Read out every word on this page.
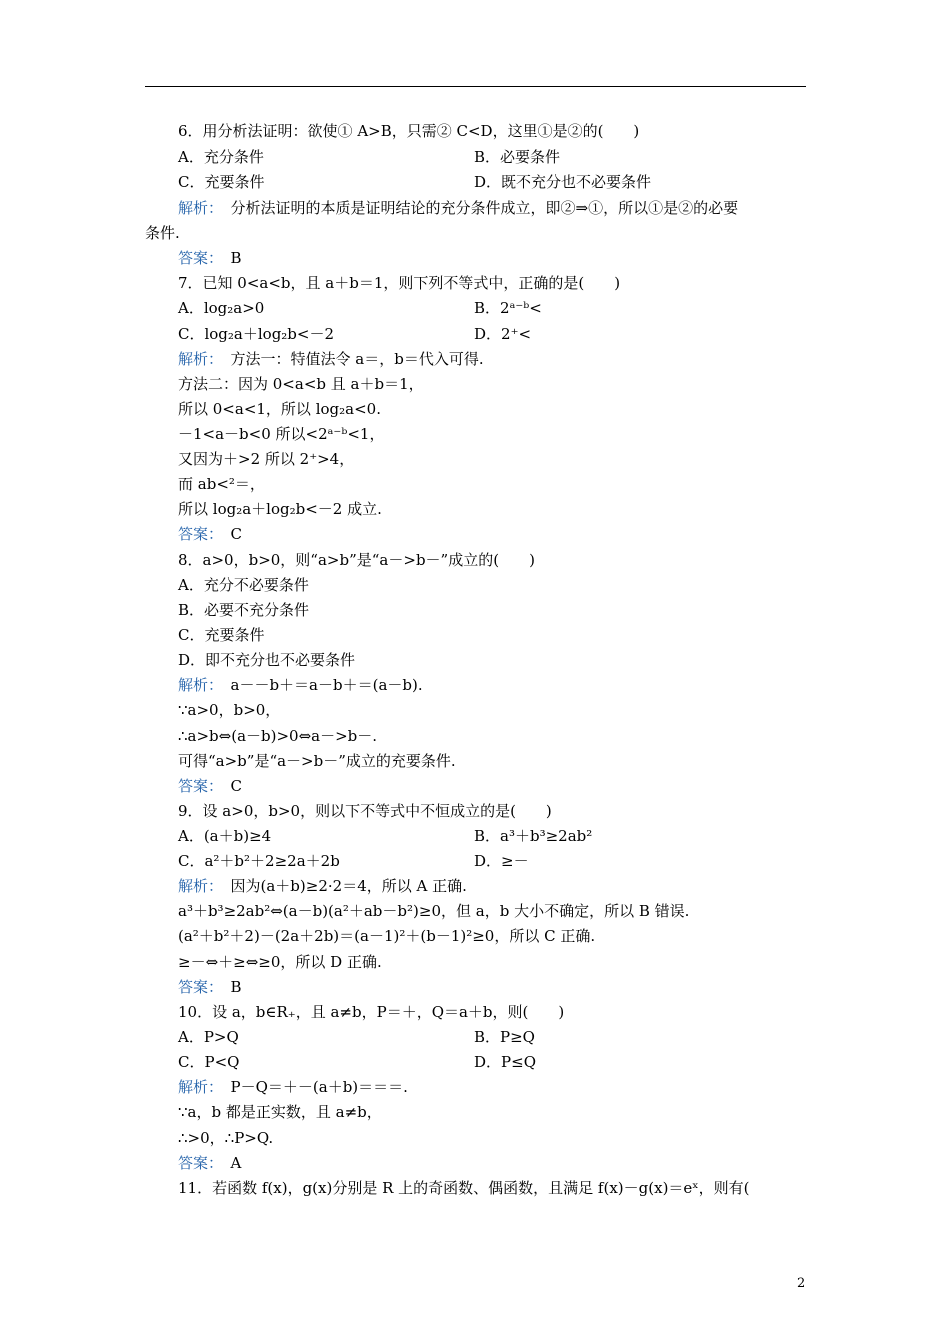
6．用分析法证明：欲使① A>B，只需② C<D，这里①是②的(　　)
A．充分条件	B．必要条件
C．充要条件	D．既不充分也不必要条件
解析：　分析法证明的本质是证明结论的充分条件成立，即②⇒①，所以①是②的必要
条件.
答案：　B
7．已知 0<a<b，且 a＋b＝1，则下列不等式中，正确的是(　　)
A．log₂a>0	B．2ᵃ⁻ᵇ<
C．log₂a＋log₂b<－2	D．2⁺<
解析：　方法一：特值法令 a＝，b＝代入可得.
方法二：因为 0<a<b 且 a＋b＝1，
所以 0<a<1，所以 log₂a<0.
－1<a－b<0 所以<2ᵃ⁻ᵇ<1，
又因为＋>2 所以 2⁺>4，
而 ab<²＝，
所以 log₂a＋log₂b<－2 成立.
答案：　C
8．a>0，b>0，则“a>b”是“a－>b－”成立的(　　)
A．充分不必要条件
B．必要不充分条件
C．充要条件
D．即不充分也不必要条件
解析：　a－－b＋＝a－b＋＝(a－b).
∵a>0，b>0，
∴a>b⇔(a－b)>0⇔a－>b－.
可得“a>b”是“a－>b－”成立的充要条件.
答案：　C
9．设 a>0，b>0，则以下不等式中不恒成立的是(　　)
A．(a＋b)≥4	B．a³＋b³≥2ab²
C．a²＋b²＋2≥2a＋2b	D．≥－
解析：　因为(a＋b)≥2·2＝4，所以 A 正确.
a³＋b³≥2ab²⇔(a－b)(a²＋ab－b²)≥0，但 a，b 大小不确定，所以 B 错误.
(a²＋b²＋2)－(2a＋2b)＝(a－1)²＋(b－1)²≥0，所以 C 正确.
≥－⇔＋≥⇔≥0，所以 D 正确.
答案：　B
10．设 a，b∈R₊，且 a≠b，P＝＋，Q＝a＋b，则(　　)
A．P>Q	B．P≥Q
C．P<Q	D．P≤Q
解析：　P－Q＝＋－(a＋b)＝＝＝.
∵a，b 都是正实数，且 a≠b，
∴>0，∴P>Q.
答案：　A
11．若函数 f(x)，g(x)分别是 R 上的奇函数、偶函数，且满足 f(x)－g(x)＝eˣ，则有(
2
